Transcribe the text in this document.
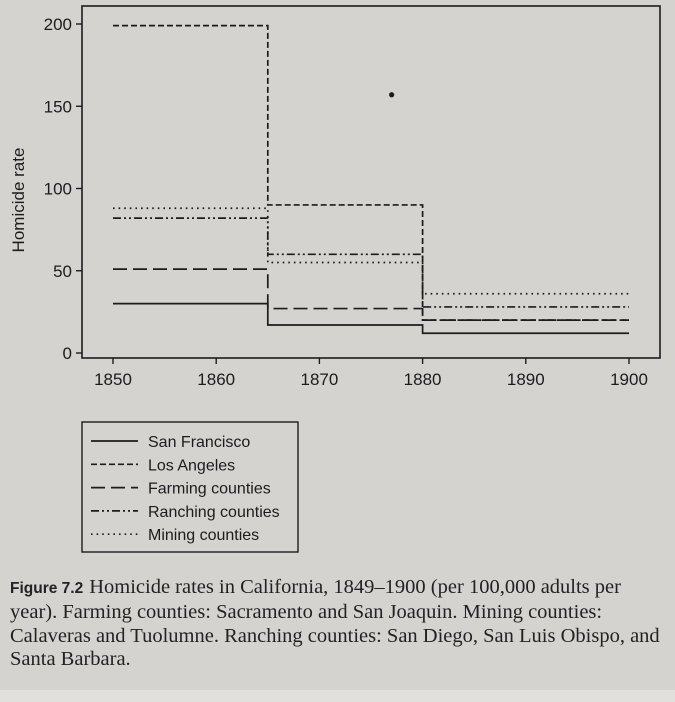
0
50
100
150
200
1850	1860	1870	1880	1890	1900
San Francisco
Los Angeles
Farming counties
Ranching counties
Mining counties
Homicide rate
Figure 7.2 Homicide rates in California, 1849–1900 (per 100,000 adults per year). Farming counties: Sacramento and San Joaquin. Mining counties: Calaveras and Tuolumne. Ranching counties: San Diego, San Luis Obispo, and Santa Barbara.
